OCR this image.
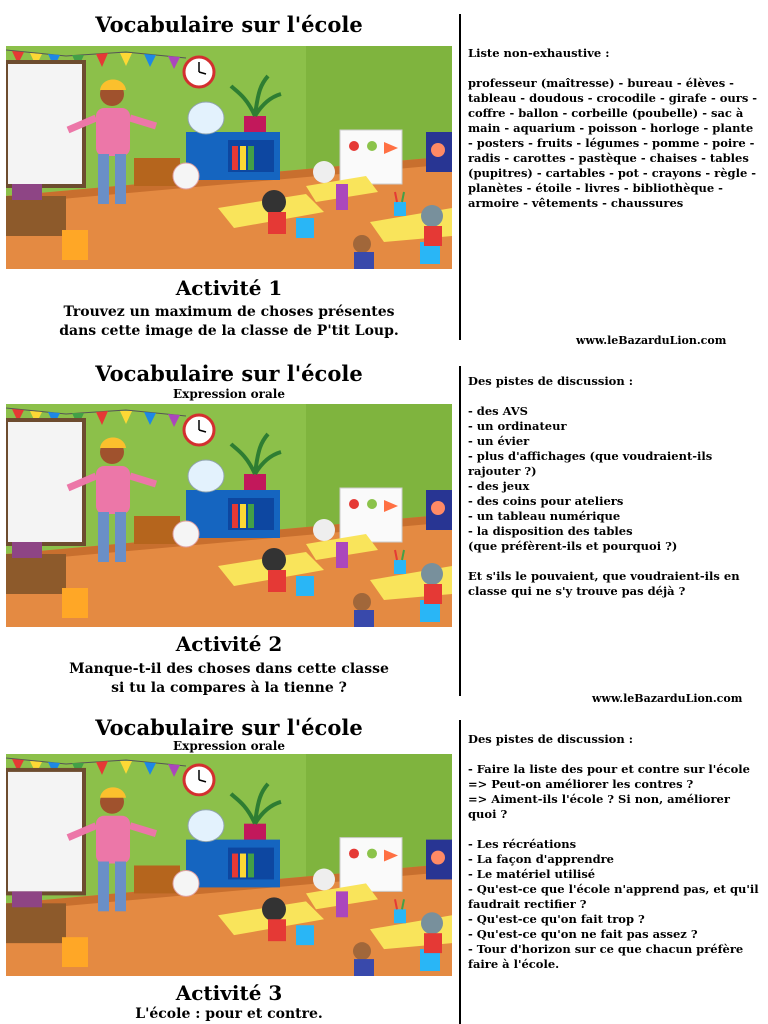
Vocabulaire sur l'école
Activité 1
Trouvez un maximum de choses présentes
dans cette image de la classe de P'tit Loup.

Liste non-exhaustive :

professeur (maîtresse) - bureau - élèves - tableau - doudous - crocodile - girafe - ours - coffre - ballon - corbeille (poubelle) - sac à main - aquarium - poisson - horloge - plante - posters - fruits - légumes - pomme - poire - radis - carottes - pastèque - chaises - tables (pupitres) - cartables - pot - crayons - règle - planètes - étoile - livres - bibliothèque - armoire - vêtements - chaussures

www.leBazarduLion.com
Vocabulaire sur l'école
Expression orale
Activité 2
Manque-t-il des choses dans cette classe
si tu la compares à la tienne ?

Des pistes de discussion :

- des AVS
- un ordinateur
- un évier
- plus d'affichages (que voudraient-ils rajouter ?)
- des jeux
- des coins pour ateliers
- un tableau numérique
- la disposition des tables
(que préfèrent-ils et pourquoi ?)

Et s'ils le pouvaient, que voudraient-ils en classe qui ne s'y trouve pas déjà ?

www.leBazarduLion.com
Vocabulaire sur l'école
Expression orale
Activité 3
L'école : pour et contre.

Des pistes de discussion :

- Faire la liste des pour et contre sur l'école
=> Peut-on améliorer les contres ?
=> Aiment-ils l'école ? Si non, améliorer quoi ?

- Les récréations
- La façon d'apprendre
- Le matériel utilisé
- Qu'est-ce que l'école n'apprend pas, et qu'il faudrait rectifier ?
- Qu'est-ce qu'on fait trop ?
- Qu'est-ce qu'on ne fait pas assez ?
- Tour d'horizon sur ce que chacun préfère faire à l'école.
